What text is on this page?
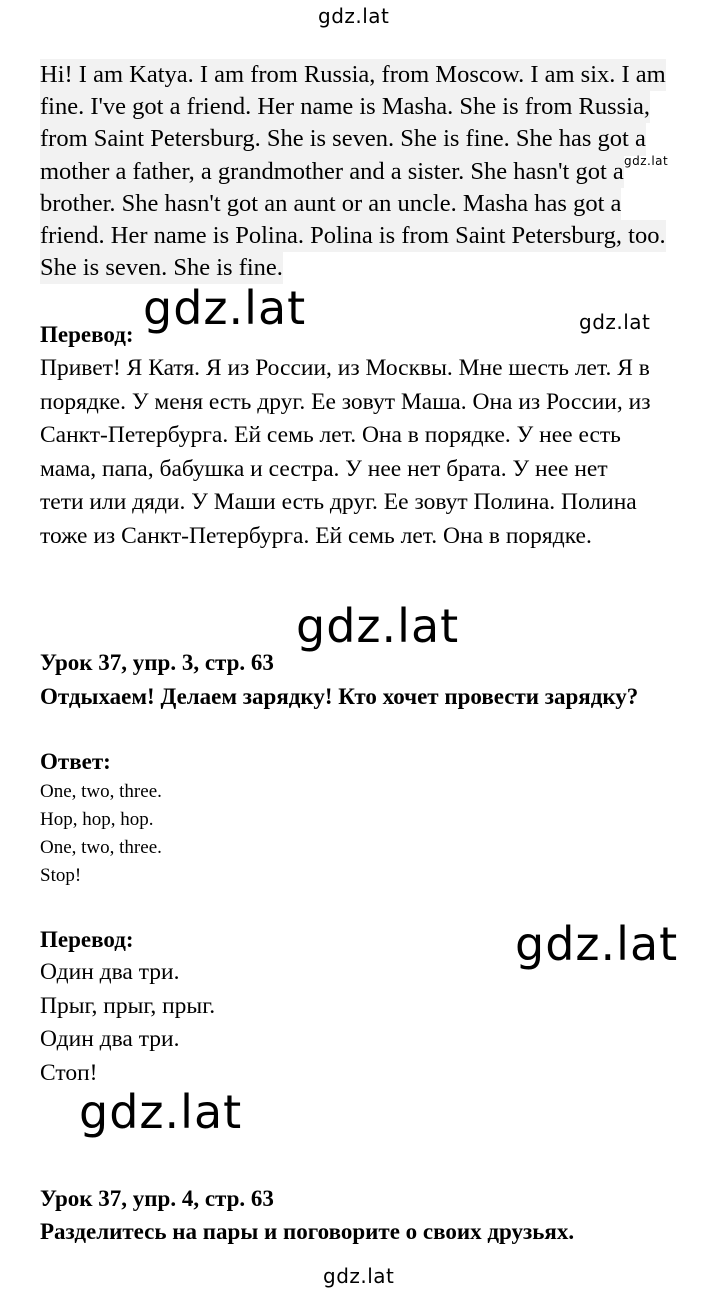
gdz.lat
Hi! I am Katya. I am from Russia, from Moscow. I am six. I am
fine. I've got a friend. Her name is Masha. She is from Russia,
from Saint Petersburg. She is seven. She is fine. She has got a
mother a father, a grandmother and a sister. She hasn't got a
brother. She hasn't got an aunt or an uncle. Masha has got a
friend. Her name is Polina. Polina is from Saint Petersburg, too.
She is seven. She is fine.
gdz.lat
gdz.lat	gdz.lat
Перевод:
Привет! Я Катя. Я из России, из Москвы. Мне шесть лет. Я в
порядке. У меня есть друг. Ее зовут Маша. Она из России, из
Санкт-Петербурга. Ей семь лет. Она в порядке. У нее есть
мама, папа, бабушка и сестра. У нее нет брата. У нее нет
тети или дяди. У Маши есть друг. Ее зовут Полина. Полина
тоже из Санкт-Петербурга. Ей семь лет. Она в порядке.
gdz.lat
Урок 37, упр. 3, стр. 63
Отдыхаем! Делаем зарядку! Кто хочет провести зарядку?
Ответ:
One, two, three.
Hop, hop, hop.
One, two, three.
Stop!
gdz.lat
Перевод:
Один два три.
Прыг, прыг, прыг.
Один два три.
Стоп!
gdz.lat
Урок 37, упр. 4, стр. 63
Разделитесь на пары и поговорите о своих друзьях.
gdz.lat
